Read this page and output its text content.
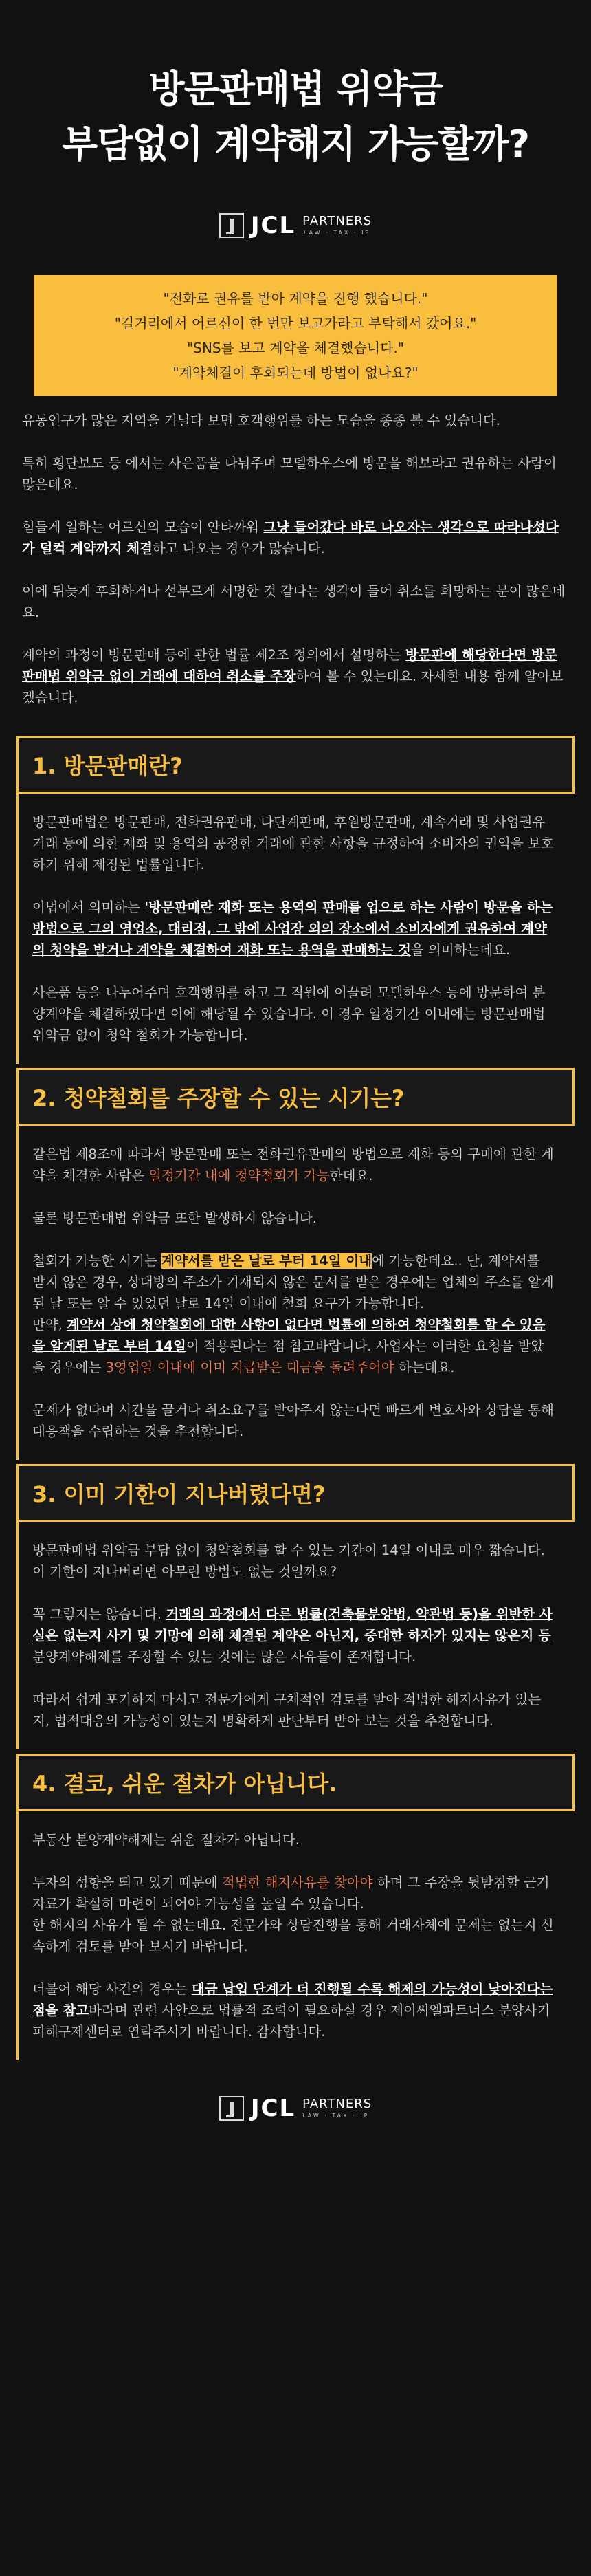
방문판매법 위약금
부담없이 계약해지 가능할까?
JCL PARTNERS
LAW · TAX · IP

"전화로 권유를 받아 계약을 진행 했습니다."

"길거리에서 어르신이 한 번만 보고가라고 부탁해서 갔어요."

"SNS를 보고 계약을 체결했습니다."

"계약체결이 후회되는데 방법이 없나요?"

유동인구가 많은 지역을 거닐다 보면 호객행위를 하는 모습을 종종 볼 수 있습니다.

특히 횡단보도 등 에서는 사은품을 나눠주며 모델하우스에 방문을 해보라고 권유하는 사람이 많은데요.

힘들게 일하는 어르신의 모습이 안타까워 그냥 들어갔다 바로 나오자는 생각으로 따라나섰다가 덜컥 계약까지 체결하고 나오는 경우가 많습니다.

이에 뒤늦게 후회하거나 섣부르게 서명한 것 같다는 생각이 들어 취소를 희망하는 분이 많은데요.

계약의 과정이 방문판매 등에 관한 법률 제2조 정의에서 설명하는 방문판에 해당한다면 방문판매법 위약금 없이 거래에 대하여 취소를 주장하여 볼 수 있는데요. 자세한 내용 함께 알아보겠습니다.

1. 방문판매란?

방문판매법은 방문판매, 전화권유판매, 다단계판매, 후원방문판매, 계속거래 및 사업권유거래 등에 의한 재화 및 용역의 공정한 거래에 관한 사항을 규정하여 소비자의 권익을 보호하기 위해 제정된 법률입니다.

이법에서 의미하는 '방문판매란 재화 또는 용역의 판매를 업으로 하는 사람이 방문을 하는 방법으로 그의 영업소, 대리점, 그 밖에 사업장 외의 장소에서 소비자에게 권유하여 계약의 청약을 받거나 계약을 체결하여 재화 또는 용역을 판매하는 것을 의미하는데요.

사은품 등을 나누어주며 호객행위를 하고 그 직원에 이끌려 모델하우스 등에 방문하여 분양계약을 체결하였다면 이에 해당될 수 있습니다. 이 경우 일정기간 이내에는 방문판매법 위약금 없이 청약 철회가 가능합니다.

2. 청약철회를 주장할 수 있는 시기는?

같은법 제8조에 따라서 방문판매 또는 전화권유판매의 방법으로 재화 등의 구매에 관한 계약을 체결한 사람은 일정기간 내에 청약철회가 가능한데요.

물론 방문판매법 위약금 또한 발생하지 않습니다.

철회가 가능한 시기는 계약서를 받은 날로 부터 14일 이내에 가능한데요.. 단, 계약서를 받지 않은 경우, 상대방의 주소가 기재되지 않은 문서를 받은 경우에는 업체의 주소를 알게된 날 또는 알 수 있었던 날로 14일 이내에 철회 요구가 가능합니다.

만약, 계약서 상에 청약철회에 대한 사항이 없다면 법률에 의하여 청약철회를 할 수 있음을 알게된 날로 부터 14일이 적용된다는 점 참고바랍니다. 사업자는 이러한 요청을 받았을 경우에는 3영업일 이내에 이미 지급받은 대금을 돌려주어야 하는데요.

문제가 없다며 시간을 끌거나 취소요구를 받아주지 않는다면 빠르게 변호사와 상담을 통해 대응책을 수립하는 것을 추천합니다.

3. 이미 기한이 지나버렸다면?

방문판매법 위약금 부담 없이 청약철회를 할 수 있는 기간이 14일 이내로 매우 짧습니다. 이 기한이 지나버리면 아무런 방법도 없는 것일까요?

꼭 그렇지는 않습니다. 거래의 과정에서 다른 법률(건축물분양법, 약관법 등)을 위반한 사실은 없는지 사기 및 기망에 의해 체결된 계약은 아닌지, 중대한 하자가 있지는 않은지 등 분양계약해제를 주장할 수 있는 것에는 많은 사유들이 존재합니다.

따라서 쉽게 포기하지 마시고 전문가에게 구체적인 검토를 받아 적법한 해지사유가 있는지, 법적대응의 가능성이 있는지 명확하게 판단부터 받아 보는 것을 추천합니다.

4. 결코, 쉬운 절차가 아닙니다.

부동산 분양계약해제는 쉬운 절차가 아닙니다.

투자의 성향을 띄고 있기 때문에 적법한 해지사유를 찾아야 하며 그 주장을 뒷받침할 근거자료가 확실히 마련이 되어야 가능성을 높일 수 있습니다.

한 해지의 사유가 될 수 없는데요. 전문가와 상담진행을 통해 거래자체에 문제는 없는지 신속하게 검토를 받아 보시기 바랍니다.

더불어 해당 사건의 경우는 대금 납입 단계가 더 진행될 수록 해제의 가능성이 낮아진다는 점을 참고바라며 관련 사안으로 법률적 조력이 필요하실 경우 제이씨엘파트너스 분양사기피해구제센터로 연락주시기 바랍니다. 감사합니다.

JCL PARTNERS
LAW · TAX · IP
